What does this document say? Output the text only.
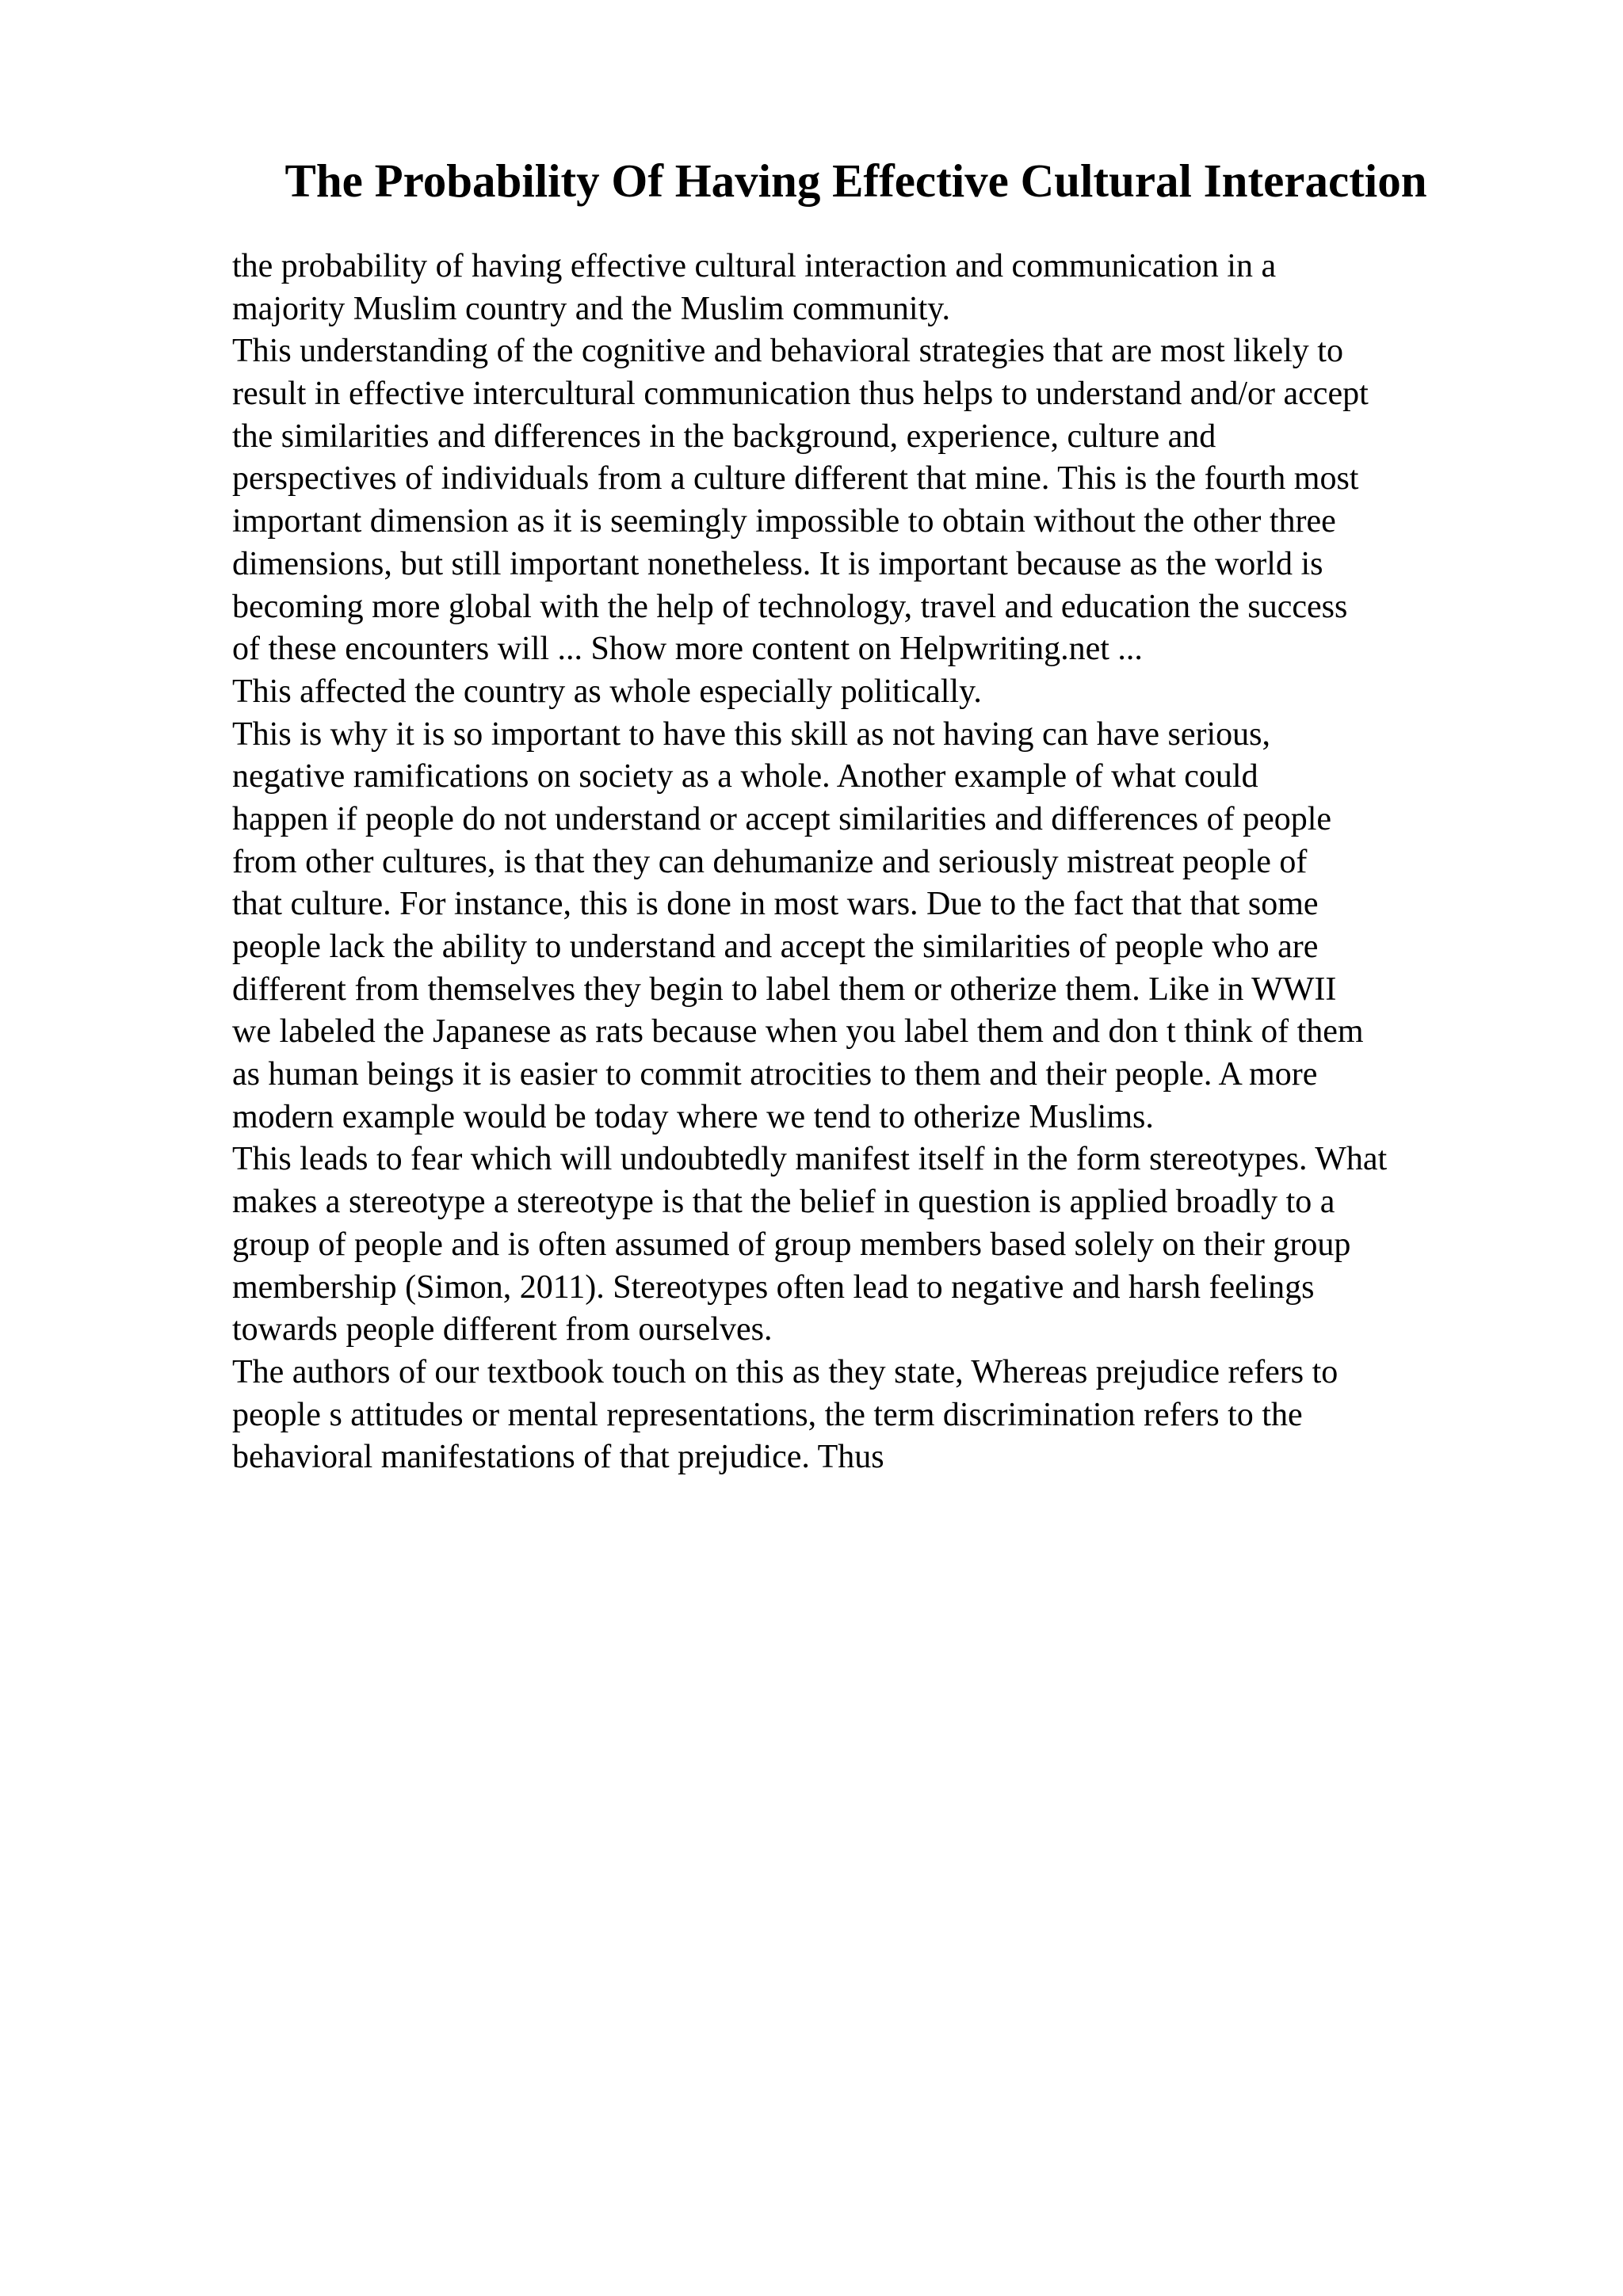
The Probability Of Having Effective Cultural Interaction
the probability of having effective cultural interaction and communication in a
majority Muslim country and the Muslim community.
This understanding of the cognitive and behavioral strategies that are most likely to
result in effective intercultural communication thus helps to understand and/or accept
the similarities and differences in the background, experience, culture and
perspectives of individuals from a culture different that mine. This is the fourth most
important dimension as it is seemingly impossible to obtain without the other three
dimensions, but still important nonetheless. It is important because as the world is
becoming more global with the help of technology, travel and education the success
of these encounters will ... Show more content on Helpwriting.net ...
This affected the country as whole especially politically.
This is why it is so important to have this skill as not having can have serious,
negative ramifications on society as a whole. Another example of what could
happen if people do not understand or accept similarities and differences of people
from other cultures, is that they can dehumanize and seriously mistreat people of
that culture. For instance, this is done in most wars. Due to the fact that that some
people lack the ability to understand and accept the similarities of people who are
different from themselves they begin to label them or otherize them. Like in WWII
we labeled the Japanese as rats because when you label them and don t think of them
as human beings it is easier to commit atrocities to them and their people. A more
modern example would be today where we tend to otherize Muslims.
This leads to fear which will undoubtedly manifest itself in the form stereotypes. What
makes a stereotype a stereotype is that the belief in question is applied broadly to a
group of people and is often assumed of group members based solely on their group
membership (Simon, 2011). Stereotypes often lead to negative and harsh feelings
towards people different from ourselves.
The authors of our textbook touch on this as they state, Whereas prejudice refers to
people s attitudes or mental representations, the term discrimination refers to the
behavioral manifestations of that prejudice. Thus
